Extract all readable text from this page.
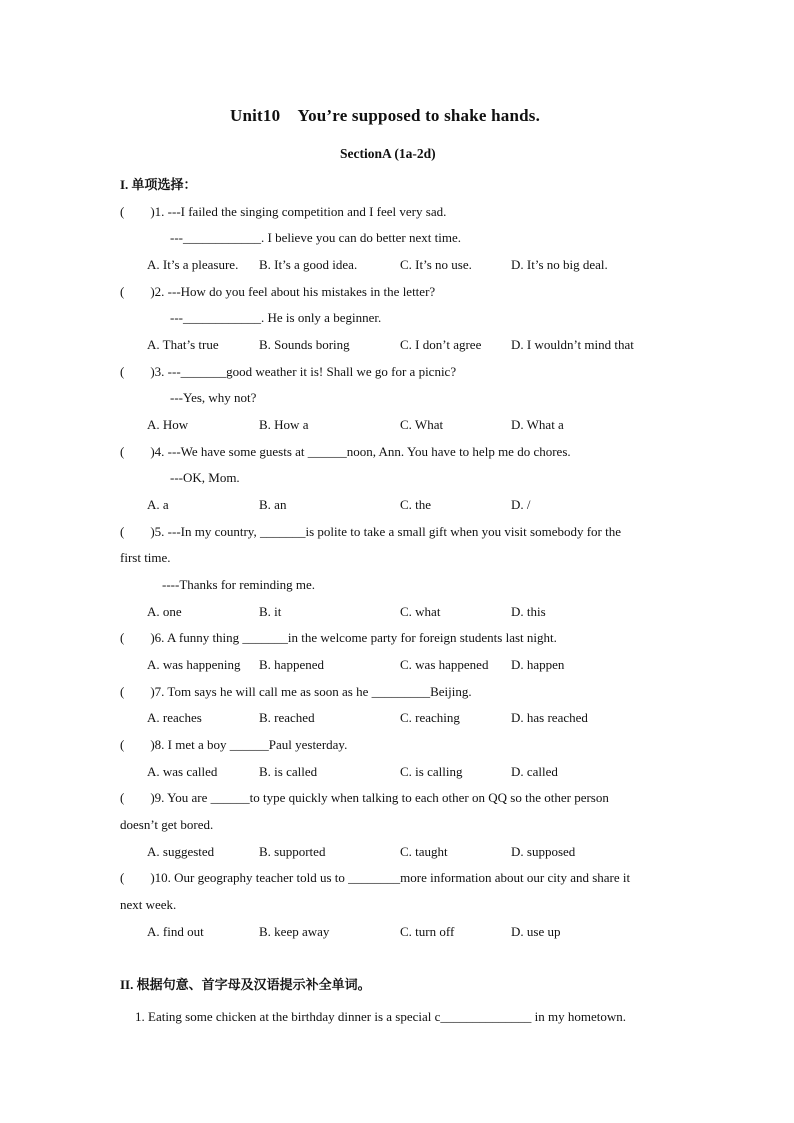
Unit10    You’re supposed to shake hands.
SectionA (1a-2d)
I. 单项选择：
(        )1. ---I failed the singing competition and I feel very sad.
---____________. I believe you can do better next time.
A. It’s a pleasure. B. It’s a good idea.	C. It’s no use.	D. It’s no big deal.
(        )2. ---How do you feel about his mistakes in the letter?
---____________. He is only a beginner.
A. That’s true	B. Sounds boring	C. I don’t agree D. I wouldn’t mind that
(        )3. ---_______good weather it is! Shall we go for a picnic?
---Yes, why not?
A. How	B. How a	C. What	D. What a
(        )4. ---We have some guests at ______noon, Ann. You have to help me do chores.
---OK, Mom.
A. a	B. an	C. the	D. /
(        )5. ---In my country, _______is polite to take a small gift when you visit somebody for the
first time.
----Thanks for reminding me.
A. one	B. it	C. what	D. this
(        )6. A funny thing _______in the welcome party for foreign students last night.
A. was happening B. happened	C. was happened D. happen
(        )7. Tom says he will call me as soon as he _________Beijing.
A. reaches	B. reached	C. reaching	D. has reached
(        )8. I met a boy ______Paul yesterday.
A. was called	B. is called	C. is calling	D. called
(        )9. You are ______to type quickly when talking to each other on QQ so the other person
doesn’t get bored.
A. suggested	B. supported	C. taught	D. supposed
(        )10. Our geography teacher told us to ________more information about our city and share it
next week.
A. find out	B. keep away	C. turn off	D. use up
II. 根据句意、首字母及汉语提示补全单词。
1. Eating some chicken at the birthday dinner is a special c______________ in my hometown.
